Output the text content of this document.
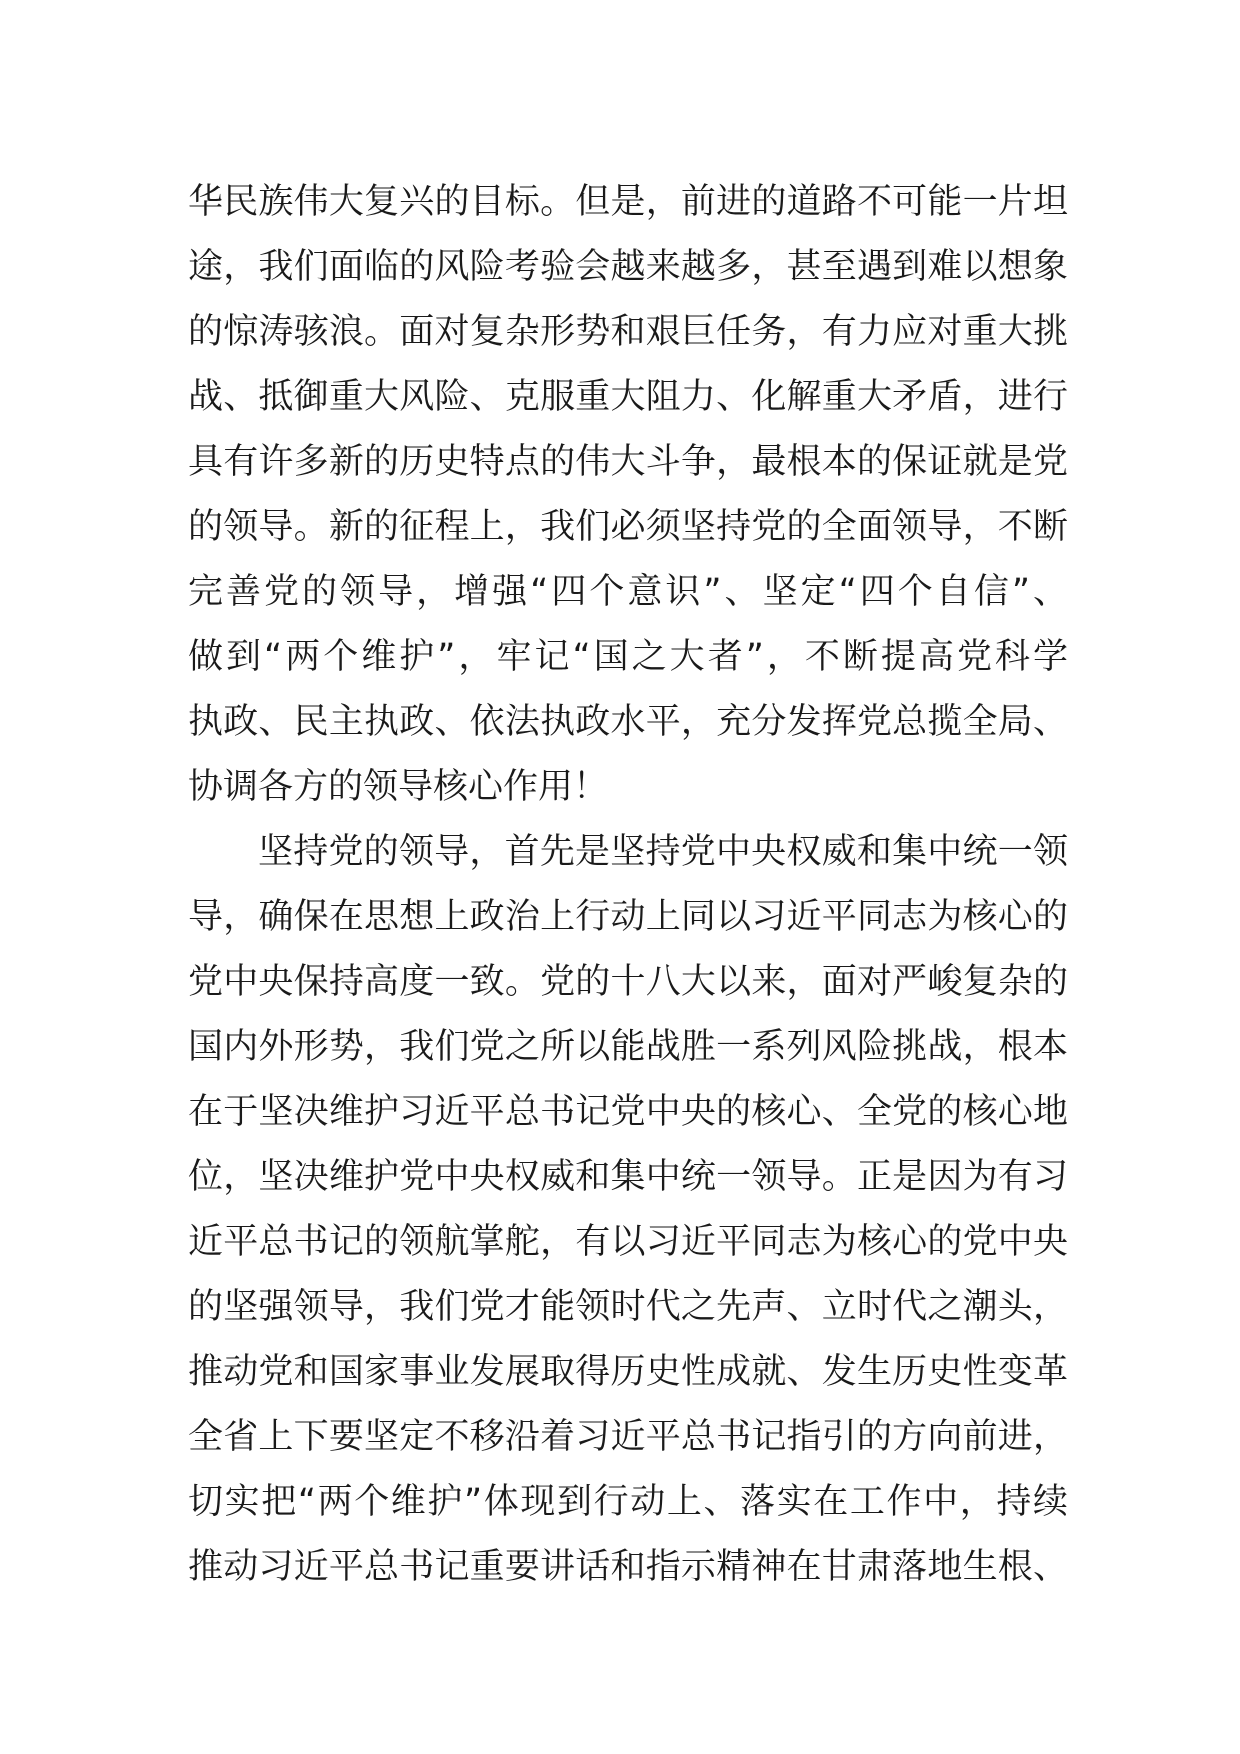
华民族伟大复兴的目标。但是，前进的道路不可能一片坦
途，我们面临的风险考验会越来越多，甚至遇到难以想象
的惊涛骇浪。面对复杂形势和艰巨任务，有力应对重大挑
战、抵御重大风险、克服重大阻力、化解重大矛盾，进行
具有许多新的历史特点的伟大斗争，最根本的保证就是党
的领导。新的征程上，我们必须坚持党的全面领导，不断
完善党的领导，增强“四个意识”、坚定“四个自信”、
做到“两个维护”，牢记“国之大者”，不断提高党科学
执政、民主执政、依法执政水平，充分发挥党总揽全局、
协调各方的领导核心作用！
坚持党的领导，首先是坚持党中央权威和集中统一领
导，确保在思想上政治上行动上同以习近平同志为核心的
党中央保持高度一致。党的十八大以来，面对严峻复杂的
国内外形势，我们党之所以能战胜一系列风险挑战，根本
在于坚决维护习近平总书记党中央的核心、全党的核心地
位，坚决维护党中央权威和集中统一领导。正是因为有习
近平总书记的领航掌舵，有以习近平同志为核心的党中央
的坚强领导，我们党才能领时代之先声、立时代之潮头，
推动党和国家事业发展取得历史性成就、发生历史性变革
全省上下要坚定不移沿着习近平总书记指引的方向前进，
切实把“两个维护”体现到行动上、落实在工作中，持续
推动习近平总书记重要讲话和指示精神在甘肃落地生根、
